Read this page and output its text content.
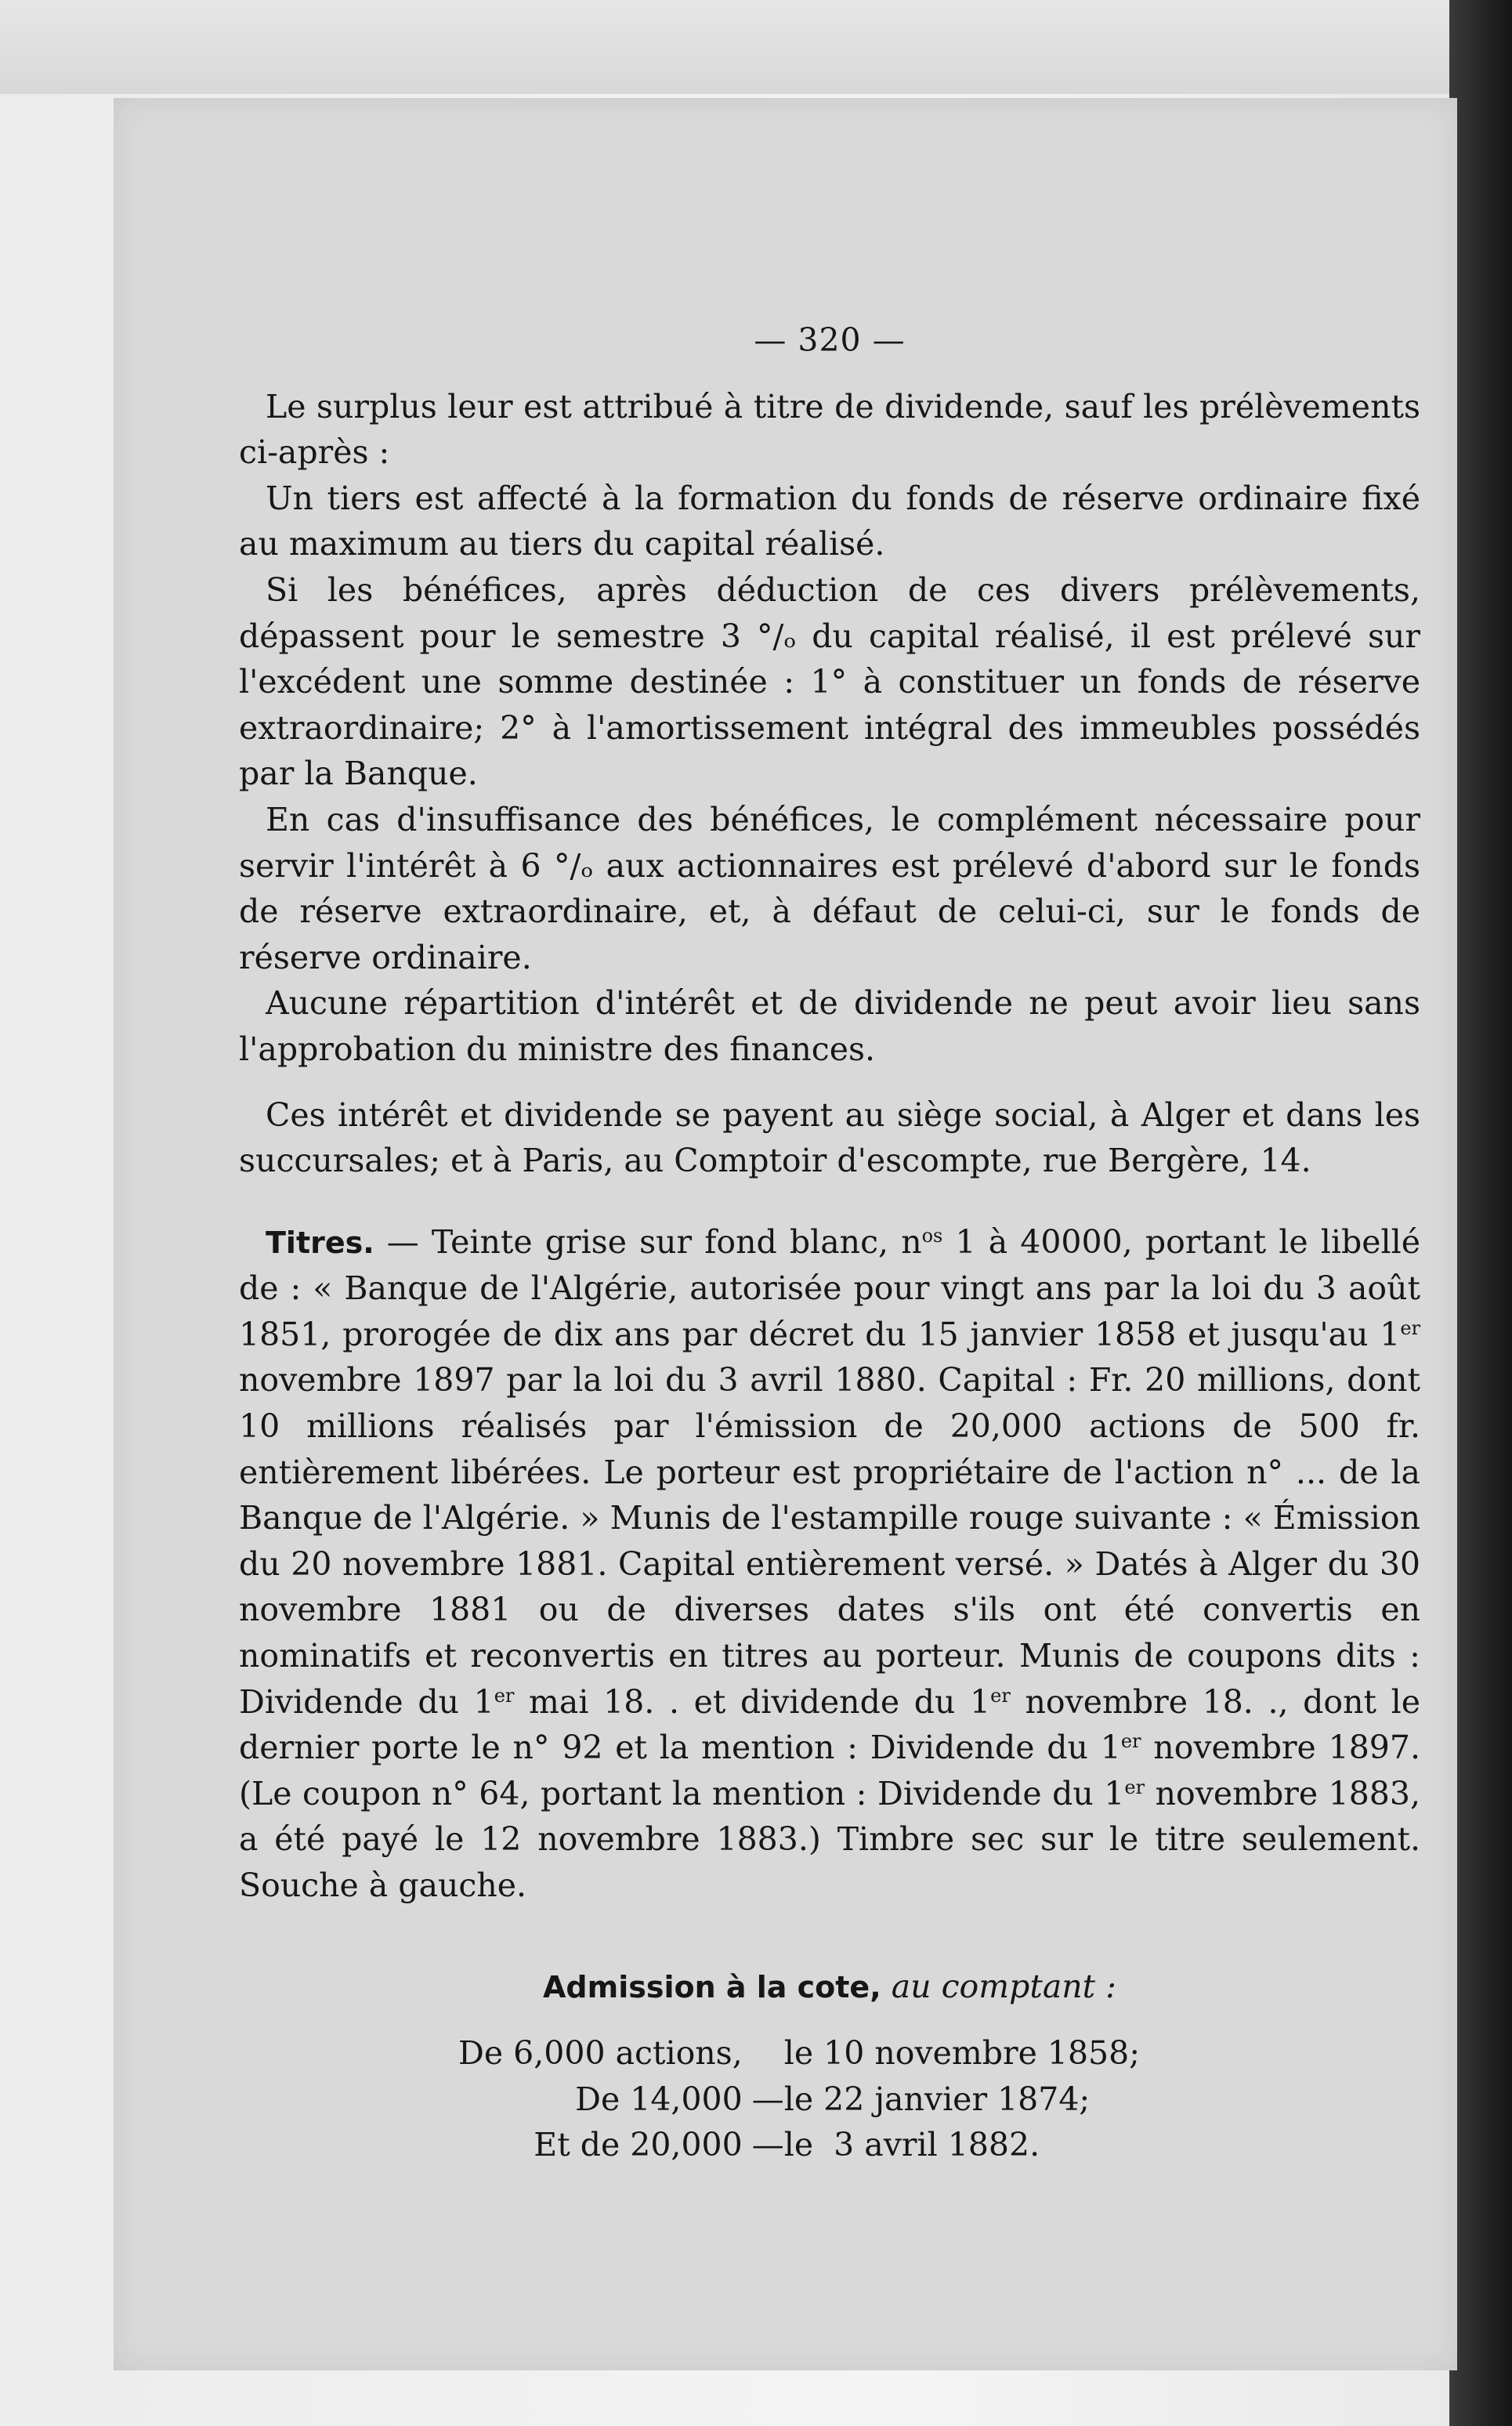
— 320 —

Le surplus leur est attribué à titre de dividende, sauf les prélèvements ci-après :

Un tiers est affecté à la formation du fonds de réserve ordinaire fixé au maximum au tiers du capital réalisé.

Si les bénéfices, après déduction de ces divers prélèvements, dépassent pour le semestre 3 °/ₒ du capital réalisé, il est prélevé sur l'excédent une somme destinée : 1° à constituer un fonds de réserve extraordinaire; 2° à l'amortissement intégral des immeubles possédés par la Banque.

En cas d'insuffisance des bénéfices, le complément nécessaire pour servir l'intérêt à 6 °/ₒ aux actionnaires est prélevé d'abord sur le fonds de réserve extraordinaire, et, à défaut de celui-ci, sur le fonds de réserve ordinaire.

Aucune répartition d'intérêt et de dividende ne peut avoir lieu sans l'approbation du ministre des finances.

Ces intérêt et dividende se payent au siège social, à Alger et dans les succursales; et à Paris, au Comptoir d'escompte, rue Bergère, 14.

Titres. — Teinte grise sur fond blanc, $n^{os}$ 1 à 40000, portant le libellé de : « Banque de l'Algérie, autorisée pour vingt ans par la loi du 3 août 1851, prorogée de dix ans par décret du 15 janvier 1858 et jusqu'au 1er novembre 1897 par la loi du 3 avril 1880. Capital : Fr. 20 millions, dont 10 millions réalisés par l'émission de 20,000 actions de 500 fr. entièrement libérées. Le porteur est propriétaire de l'action n° ... de la Banque de l'Algérie. » Munis de l'estampille rouge suivante : « Émission du 20 novembre 1881. Capital entièrement versé. » Datés à Alger du 30 novembre 1881 ou de diverses dates s'ils ont été convertis en nominatifs et reconvertis en titres au porteur. Munis de coupons dits : Dividende du 1er mai 18. . et dividende du 1er novembre 18. ., dont le dernier porte le n° 92 et la mention : Dividende du 1er novembre 1897. (Le coupon n° 64, portant la mention : Dividende du 1er novembre 1883, a été payé le 12 novembre 1883.) Timbre sec sur le titre seulement. Souche à gauche.

Admission à la cote, au comptant :
De 6,000 actions,		le 10 novembre 1858;
De 14,000	—	le 22 janvier 1874;
Et de 20,000	—	le  3 avril 1882.
